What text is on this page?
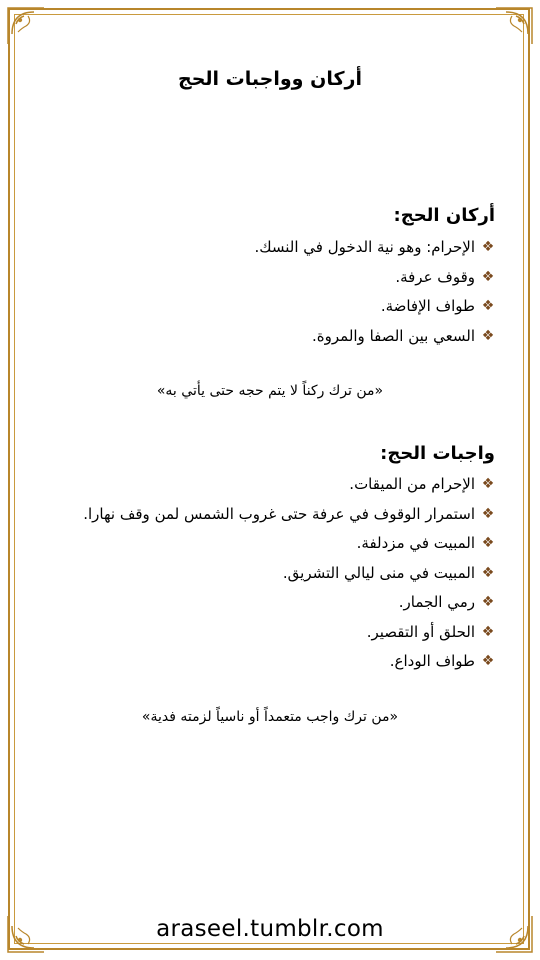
أركان وواجبات الحج
أركان الحج:
❖
الإحرام: وهو نية الدخول في النسك.
❖
وقوف عرفة.
❖
طواف الإفاضة.
❖
السعي بين الصفا والمروة.
«من ترك ركناً لا يتم حجه حتى يأتي به»
واجبات الحج:
❖
الإحرام من الميقات.
❖
استمرار الوقوف في عرفة حتى غروب الشمس لمن وقف نهارا.
❖
المبيت في مزدلفة.
❖
المبيت في منى ليالي التشريق.
❖
رمي الجمار.
❖
الحلق أو التقصير.
❖
طواف الوداع.
«من ترك واجب متعمداً أو ناسياً لزمته فدية»
araseel.tumblr.com
